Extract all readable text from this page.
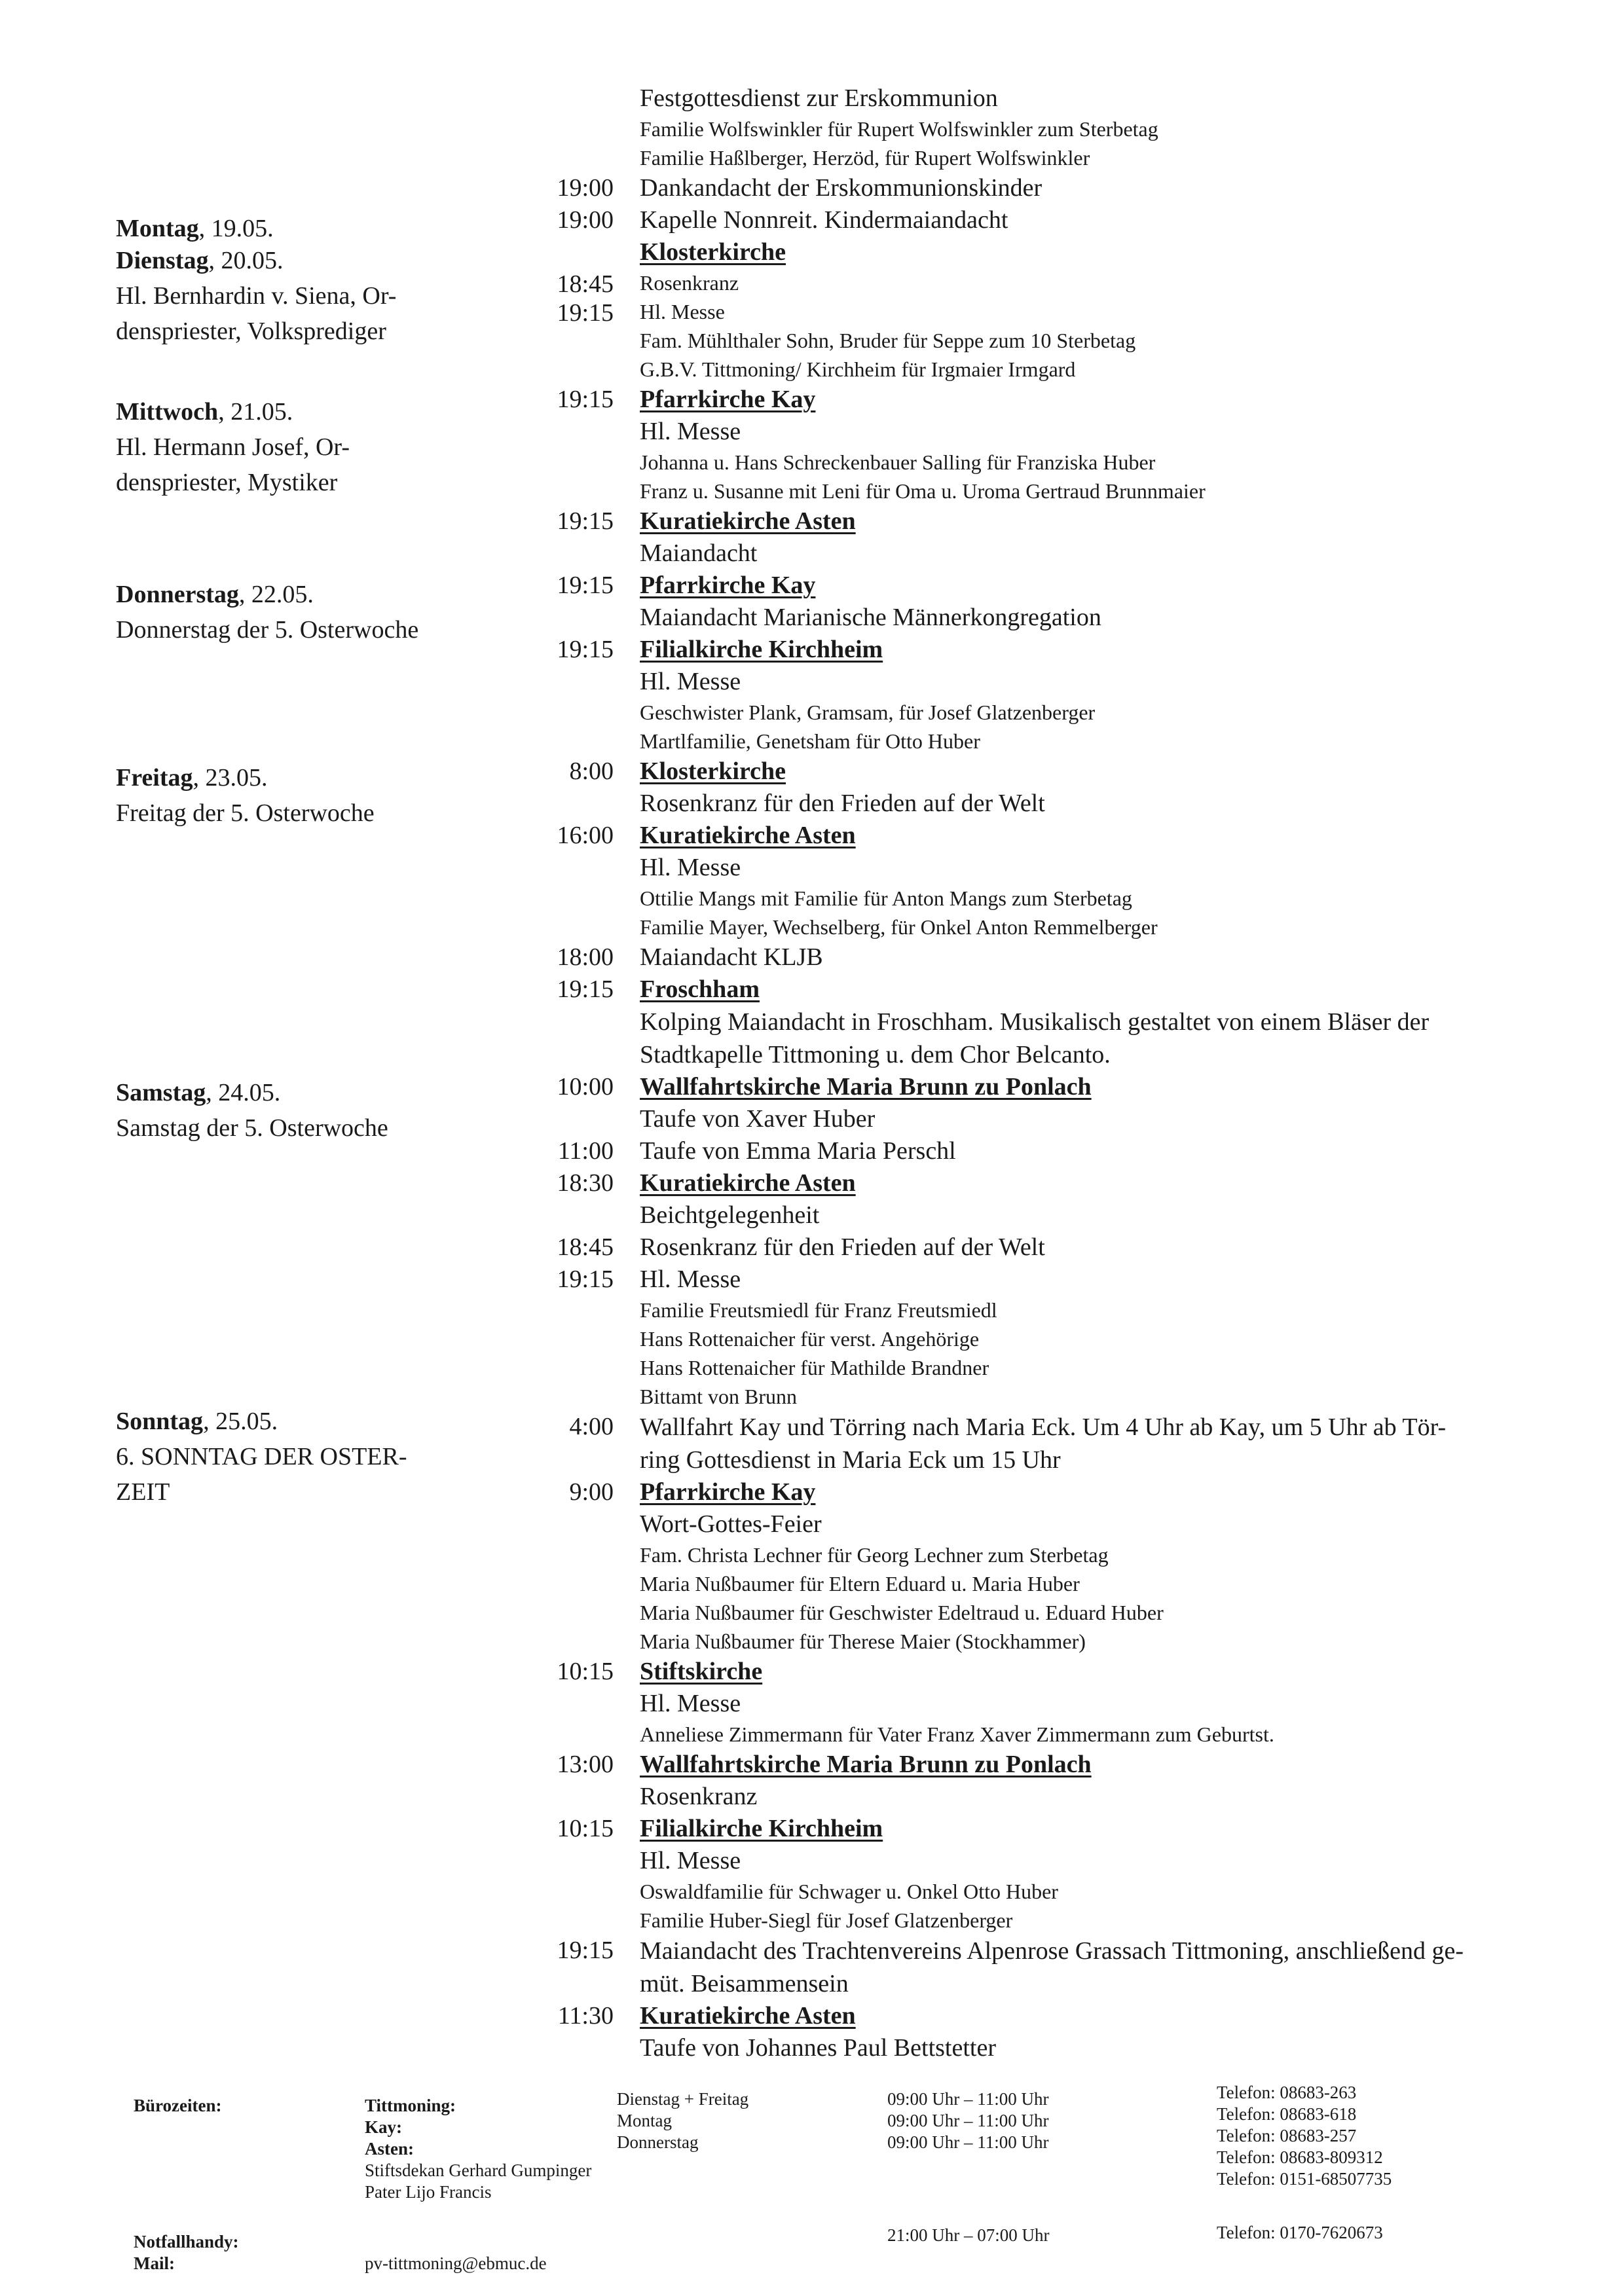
Montag, 19.05.
Dienstag, 20.05.
Hl. Bernhardin v. Siena, Or-
denspriester, Volksprediger
Mittwoch, 21.05.
Hl. Hermann Josef, Or-
denspriester, Mystiker
Donnerstag, 22.05.
Donnerstag der 5. Osterwoche
Freitag, 23.05.
Freitag der 5. Osterwoche
Samstag, 24.05.
Samstag der 5. Osterwoche
Sonntag, 25.05.
6. SONNTAG DER OSTER-
ZEIT
Festgottesdienst zur Erskommunion
Familie Wolfswinkler für Rupert Wolfswinkler zum Sterbetag
Familie Haßlberger, Herzöd, für Rupert Wolfswinkler
19:00 Dankandacht der Erskommunionskinder
19:00 Kapelle Nonnreit. Kindermaiandacht
Klosterkirche
18:45 Rosenkranz
19:15 Hl. Messe
Fam. Mühlthaler Sohn, Bruder für Seppe zum 10 Sterbetag
G.B.V. Tittmoning/ Kirchheim für Irgmaier Irmgard
19:15 Pfarrkirche Kay
Hl. Messe
Johanna u. Hans Schreckenbauer Salling für Franziska Huber
Franz u. Susanne mit Leni für Oma u. Uroma Gertraud Brunnmaier
19:15 Kuratiekirche Asten
Maiandacht
19:15 Pfarrkirche Kay
Maiandacht Marianische Männerkongregation
19:15 Filialkirche Kirchheim
Hl. Messe
Geschwister Plank, Gramsam, für Josef Glatzenberger
Martlfamilie, Genetsham für Otto Huber
8:00 Klosterkirche
Rosenkranz für den Frieden auf der Welt
16:00 Kuratiekirche Asten
Hl. Messe
Ottilie Mangs mit Familie für Anton Mangs zum Sterbetag
Familie Mayer, Wechselberg, für Onkel Anton Remmelberger
18:00 Maiandacht KLJB
19:15 Froschham
Kolping Maiandacht in Froschham. Musikalisch gestaltet von einem Bläser der
Stadtkapelle Tittmoning u. dem Chor Belcanto.
10:00 Wallfahrtskirche Maria Brunn zu Ponlach
Taufe von Xaver Huber
11:00 Taufe von Emma Maria Perschl
18:30 Kuratiekirche Asten
Beichtgelegenheit
18:45 Rosenkranz für den Frieden auf der Welt
19:15 Hl. Messe
Familie Freutsmiedl für Franz Freutsmiedl
Hans Rottenaicher für verst. Angehörige
Hans Rottenaicher für Mathilde Brandner
Bittamt von Brunn
4:00 Wallfahrt Kay und Törring nach Maria Eck. Um 4 Uhr ab Kay, um 5 Uhr ab Tör-
ring Gottesdienst in Maria Eck um 15 Uhr
9:00 Pfarrkirche Kay
Wort-Gottes-Feier
Fam. Christa Lechner für Georg Lechner zum Sterbetag
Maria Nußbaumer für Eltern Eduard u. Maria Huber
Maria Nußbaumer für Geschwister Edeltraud u. Eduard Huber
Maria Nußbaumer für Therese Maier (Stockhammer)
10:15 Stiftskirche
Hl. Messe
Anneliese Zimmermann für Vater Franz Xaver Zimmermann zum Geburtst.
13:00 Wallfahrtskirche Maria Brunn zu Ponlach
Rosenkranz
10:15 Filialkirche Kirchheim
Hl. Messe
Oswaldfamilie für Schwager u. Onkel Otto Huber
Familie Huber-Siegl für Josef Glatzenberger
19:15 Maiandacht des Trachtenvereins Alpenrose Grassach Tittmoning, anschließend ge-
müt. Beisammensein
11:30 Kuratiekirche Asten
Taufe von Johannes Paul Bettstetter
Bürozeiten:	Tittmoning:
Kay:
Asten:
Stiftsdekan Gerhard Gumpinger
Pater Lijo Francis
Dienstag + Freitag
Montag
Donnerstag
09:00 Uhr – 11:00 Uhr
09:00 Uhr – 11:00 Uhr
09:00 Uhr – 11:00 Uhr
Telefon: 08683-263
Telefon: 08683-618
Telefon: 08683-257
Telefon: 08683-809312
Telefon: 0151-68507735
Notfallhandy:
Mail:
21:00 Uhr – 07:00 Uhr	Telefon: 0170-7620673
pv-tittmoning@ebmuc.de
